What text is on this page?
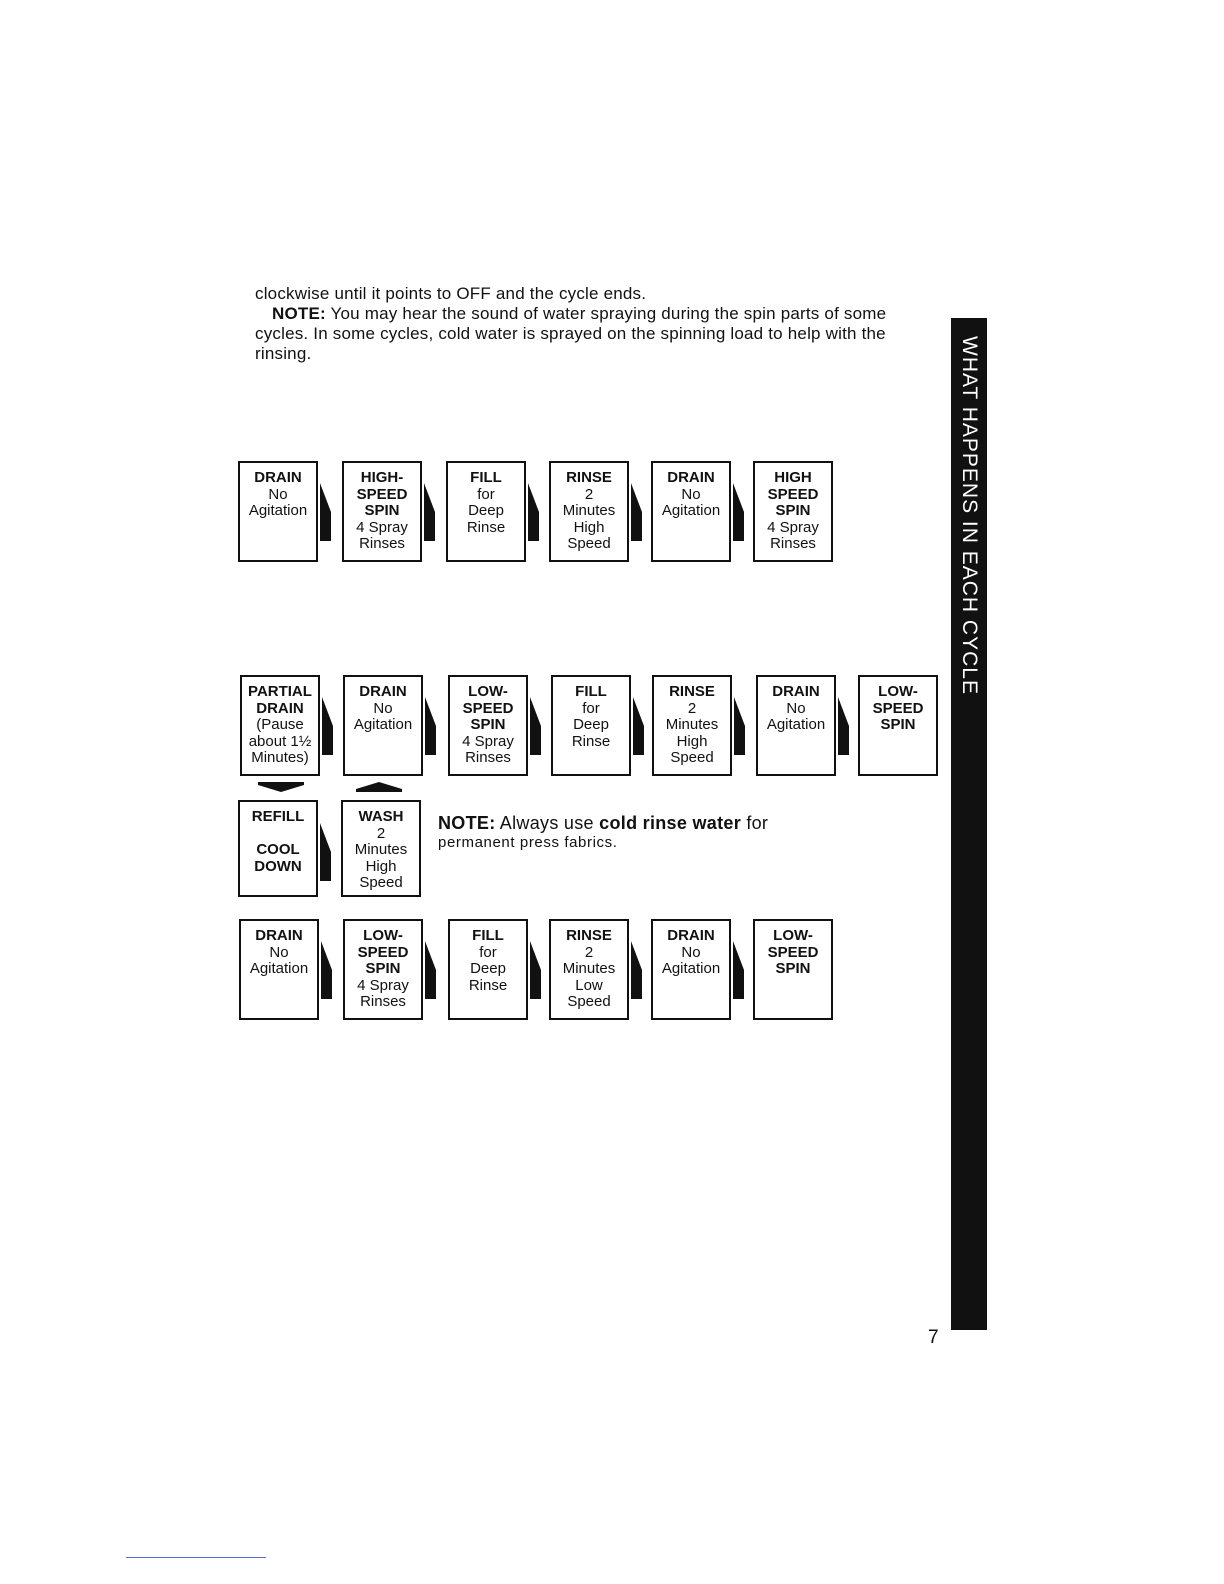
clockwise until it points to OFF and the cycle ends.

NOTE: You may hear the sound of water spraying during the spin parts of some cycles. In some cycles, cold water is sprayed on the spinning load to help with the rinsing.	WHAT HAPPENS IN EACH CYCLE
DRAIN
No
Agitation
HIGH-
SPEED
SPIN
4 Spray
Rinses
FILL
for
Deep
Rinse
RINSE
2
Minutes
High
Speed
DRAIN
No
Agitation
HIGH
SPEED
SPIN
4 Spray
Rinses
PARTIAL
DRAIN
(Pause
about 1½
Minutes)
DRAIN
No
Agitation
LOW-
SPEED
SPIN
4 Spray
Rinses
FILL
for
Deep
Rinse
RINSE
2
Minutes
High
Speed
DRAIN
No
Agitation
LOW-
SPEED
SPIN
REFILL

COOL
DOWN
WASH
2
Minutes
High
Speed
NOTE: Always use cold rinse water for
permanent press fabrics.
DRAIN
No
Agitation
LOW-
SPEED
SPIN
4 Spray
Rinses
FILL
for
Deep
Rinse
RINSE
2
Minutes
Low
Speed
DRAIN
No
Agitation
LOW-
SPEED
SPIN
7
